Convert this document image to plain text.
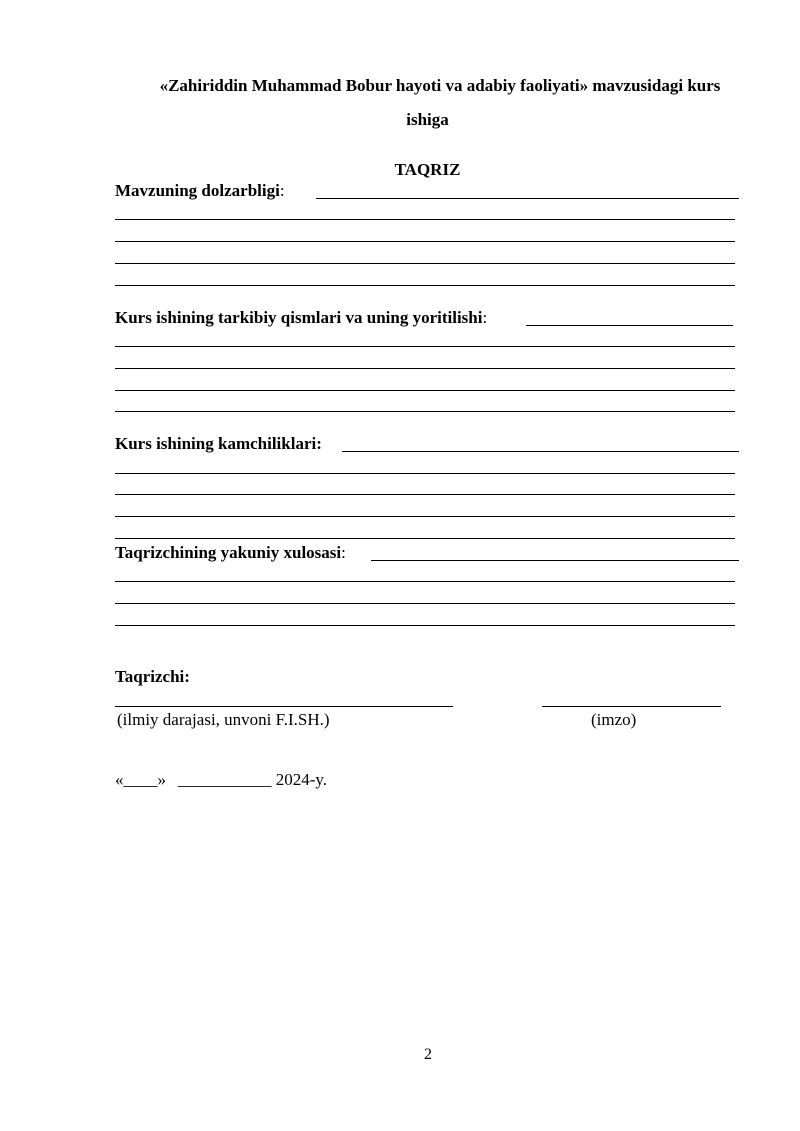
«Zahiriddin Muhammad Bobur hayoti va adabiy faoliyati» mavzusidagi kurs
ishiga
TAQRIZ
Mavzuning dolzarbligi:
Kurs ishining tarkibiy qismlari va uning yoritilishi:
Kurs ishining kamchiliklari:
Taqrizchining yakuniy xulosasi:
Taqrizchi:
(ilmiy darajasi, unvoni F.I.SH.)	(imzo)
«____» ___________ 2024-y.
2
